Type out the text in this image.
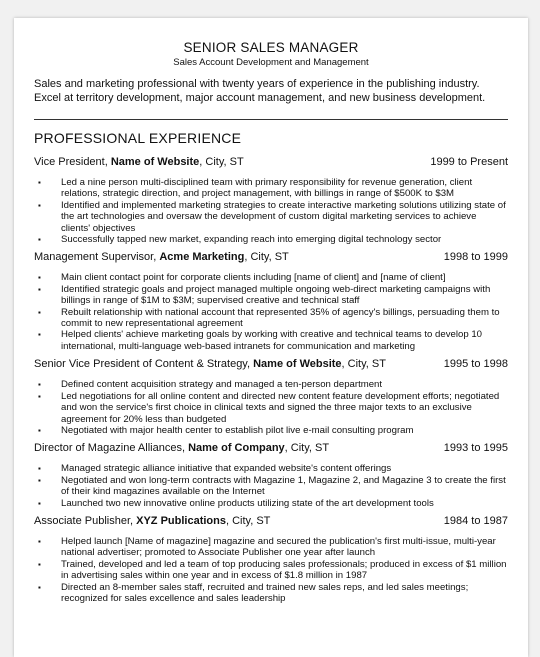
SENIOR SALES MANAGER
Sales Account Development and Management
Sales and marketing professional with twenty years of experience in the publishing industry. Excel at territory development, major account management, and new business development.
PROFESSIONAL EXPERIENCE
Vice President, Name of Website, City, ST	1999 to Present
▪ Led a nine person multi-disciplined team with primary responsibility for revenue generation, client relations, strategic direction, and project management, with billings in range of $500K to $3M
▪ Identified and implemented marketing strategies to create interactive marketing solutions utilizing state of the art technologies and oversaw the development of custom digital marketing services to achieve clients' objectives
▪ Successfully tapped new market, expanding reach into emerging digital technology sector
Management Supervisor, Acme Marketing, City, ST	1998 to 1999
▪ Main client contact point for corporate clients including [name of client] and [name of client]
▪ Identified strategic goals and project managed multiple ongoing web-direct marketing campaigns with billings in range of $1M to $3M; supervised creative and technical staff
▪ Rebuilt relationship with national account that represented 35% of agency's billings, persuading them to commit to new representational agreement
▪ Helped clients' achieve marketing goals by working with creative and technical teams to develop 10 international, multi-language web-based intranets for communication and marketing
Senior Vice President of Content & Strategy, Name of Website, City, ST	1995 to 1998
▪ Defined content acquisition strategy and managed a ten-person department
▪ Led negotiations for all online content and directed new content feature development efforts; negotiated and won the service's first choice in clinical texts and signed the three major texts to an exclusive agreement for 20% less than budgeted
▪ Negotiated with major health center to establish pilot live e-mail consulting program
Director of Magazine Alliances, Name of Company, City, ST	1993 to 1995
▪ Managed strategic alliance initiative that expanded website's content offerings
▪ Negotiated and won long-term contracts with Magazine 1, Magazine 2, and Magazine 3 to create the first of their kind magazines available on the Internet
▪ Launched two new innovative online products utilizing state of the art development tools
Associate Publisher, XYZ Publications, City, ST	1984 to 1987
▪ Helped launch [Name of magazine] magazine and secured the publication's first multi-issue, multi-year national advertiser; promoted to Associate Publisher one year after launch
▪ Trained, developed and led a team of top producing sales professionals; produced in excess of $1 million in advertising sales within one year and in excess of $1.8 million in 1987
▪ Directed an 8-member sales staff, recruited and trained new sales reps, and led sales meetings; recognized for sales excellence and sales leadership
